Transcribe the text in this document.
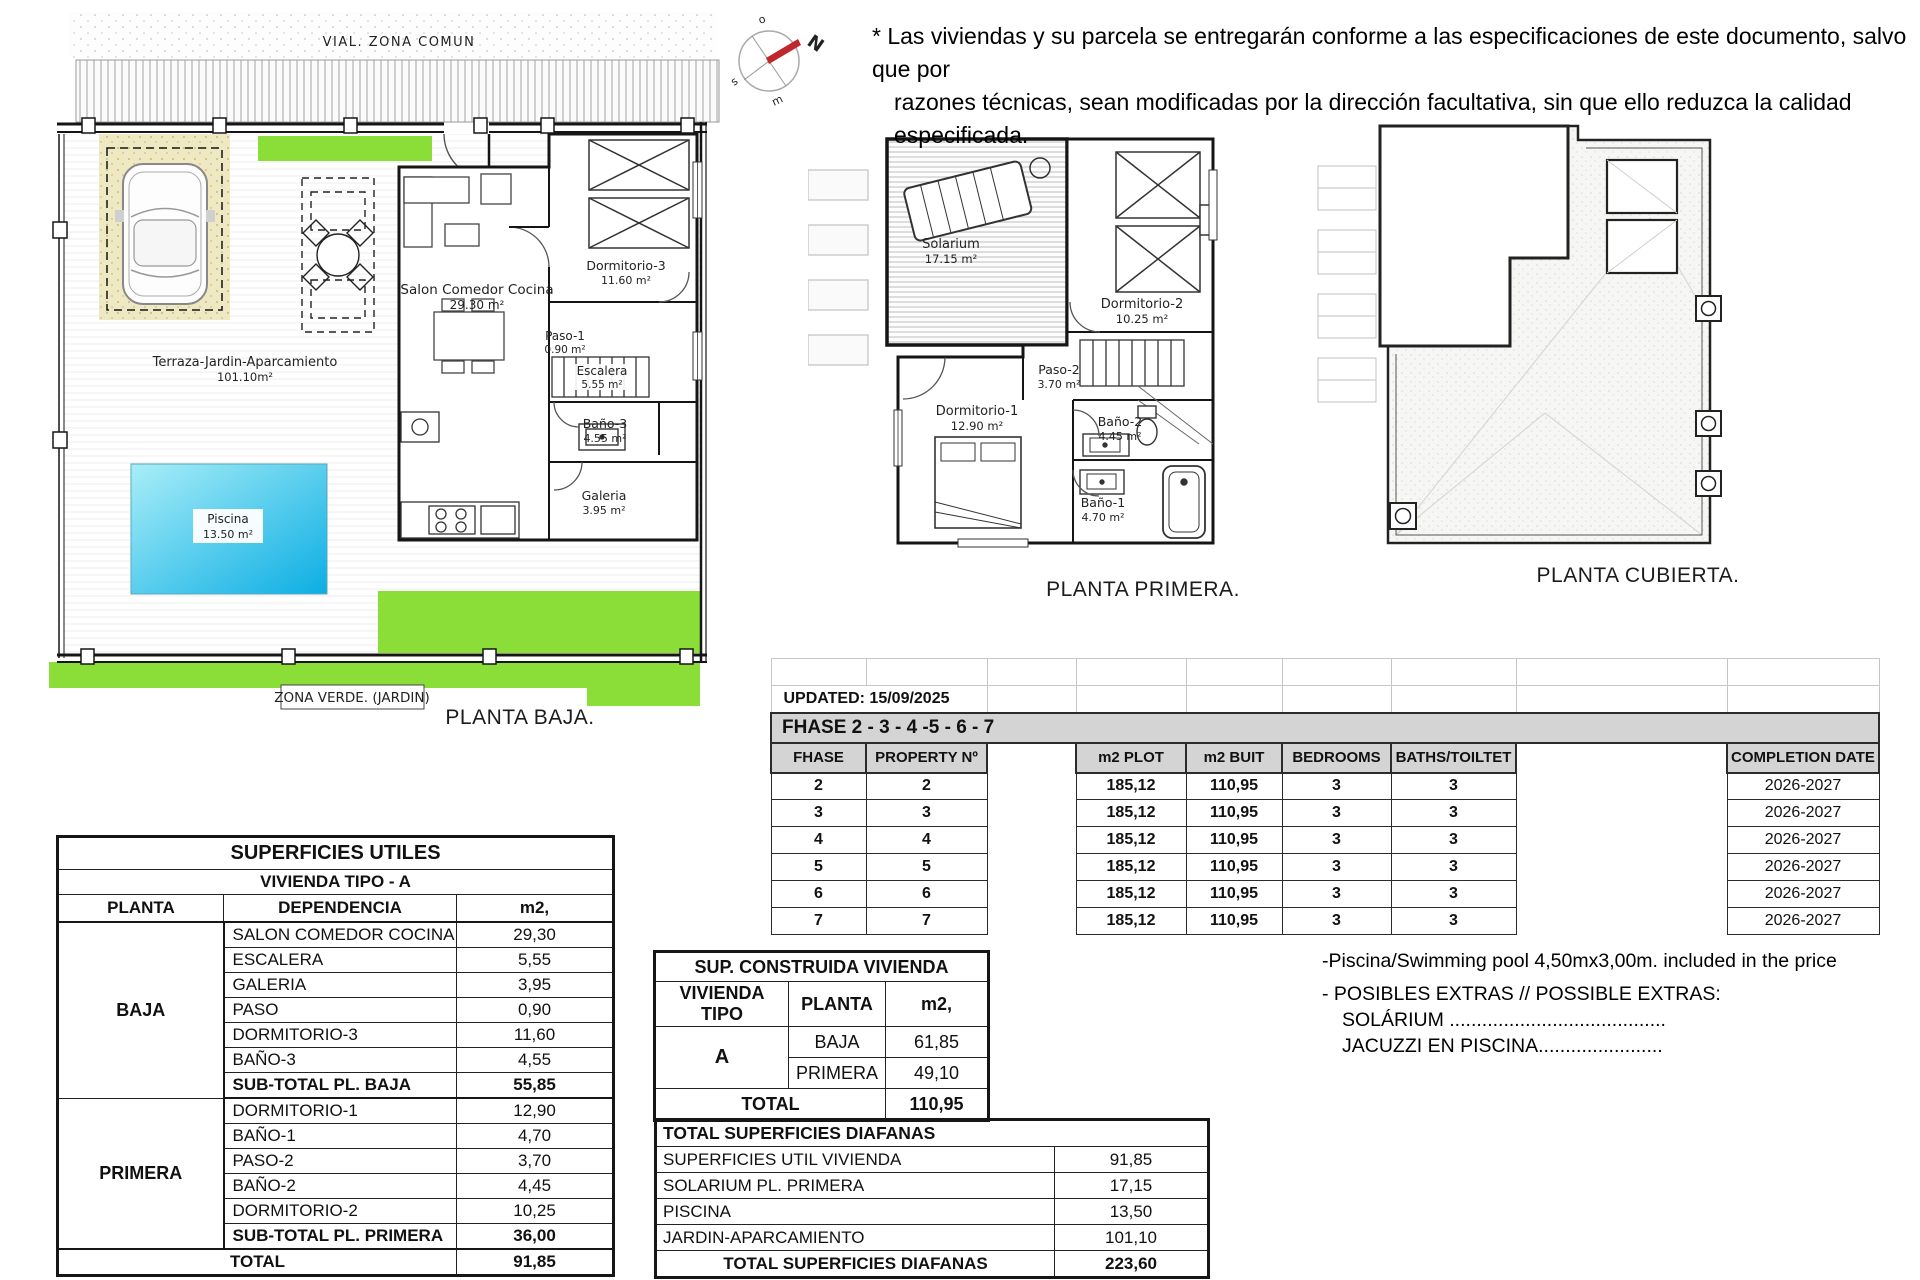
VIAL. ZONA COMUN
Piscina
13.50 m²
Terraza-Jardin-Aparcamiento
101.10m²
Salon Comedor Cocina
29.30 m²
Dormitorio-3
11.60 m²
Paso-1
0.90 m²
Escalera
5.55 m²
Baño-3
4.55 m²
Galeria
3.95 m²
ZONA VERDE. (JARDIN)
Solarium
17.15 m²
Dormitorio-2
10.25 m²
Paso-2
3.70 m²
Dormitorio-1
12.90 m²	Baño-2
4.45 m²
Baño-1
4.70 m²
N
o
s
m
* Las viviendas y su parcela se entregarán conforme a las especificaciones de este documento, salvo que por
razones técnicas, sean modificadas por la dirección facultativa, sin que ello reduzca la calidad especificada.
PLANTA BAJA.
PLANTA PRIMERA.
PLANTA CUBIERTA.

UPDATED: 15/09/2025								
FHASE 2 - 3 - 4 -5 - 6 - 7								
FHASE	PROPERTY Nº		m2 PLOT	m2 BUIT	BEDROOMS	BATHS/TOILTET		COMPLETION DATE
2	2		185,12	110,95	3	3		2026-2027
3	3		185,12	110,95	3	3		2026-2027
4	4		185,12	110,95	3	3		2026-2027
5	5		185,12	110,95	3	3		2026-2027
6	6		185,12	110,95	3	3		2026-2027
7	7		185,12	110,95	3	3		2026-2027
SUPERFICIES UTILES		
VIVIENDA TIPO - A		
PLANTA	DEPENDENCIA	m2,
BAJA	SALON COMEDOR COCINA	29,30
	ESCALERA	5,55
	GALERIA	3,95
	PASO	0,90
	DORMITORIO-3	11,60
	BAÑO-3	4,55
	SUB-TOTAL PL. BAJA	55,85
PRIMERA	DORMITORIO-1	12,90
	BAÑO-1	4,70
	PASO-2	3,70
	BAÑO-2	4,45
	DORMITORIO-2	10,25
	SUB-TOTAL PL. PRIMERA	36,00
TOTAL		91,85
SUP. CONSTRUIDA VIVIENDA		
VIVIENDA TIPO	PLANTA	m2,
A	BAJA	61,85
	PRIMERA	49,10
TOTAL		110,95
TOTAL SUPERFICIES DIAFANAS	
SUPERFICIES UTIL VIVIENDA	91,85
SOLARIUM PL. PRIMERA	17,15
PISCINA	13,50
JARDIN-APARCAMIENTO	101,10
TOTAL SUPERFICIES DIAFANAS	223,60
-Piscina/Swimming pool 4,50mx3,00m. included in the price
- POSIBLES EXTRAS // POSSIBLE EXTRAS:
SOLÁRIUM ........................................
JACUZZI EN PISCINA.......................
